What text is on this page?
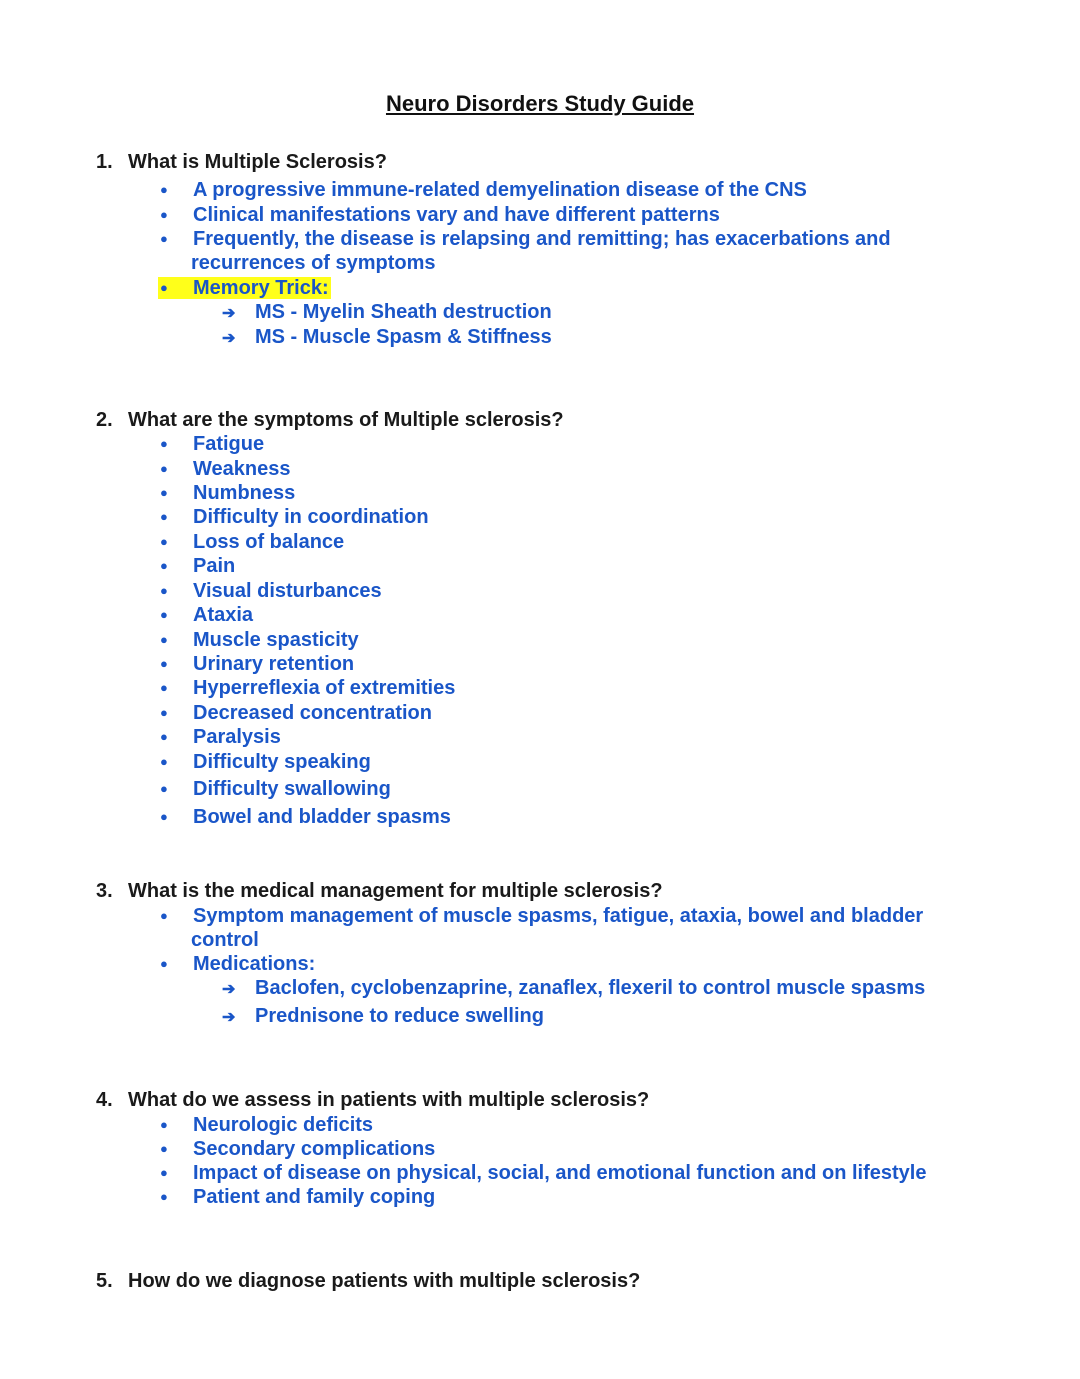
Neuro Disorders Study Guide
1. What is Multiple Sclerosis?
● A progressive immune-related demyelination disease of the CNS
● Clinical manifestations vary and have different patterns
● Frequently, the disease is relapsing and remitting; has exacerbations and
recurrences of symptoms
● Memory Trick:
➔ MS - Myelin Sheath destruction
➔ MS - Muscle Spasm & Stiffness
2. What are the symptoms of Multiple sclerosis?
● Fatigue
● Weakness
● Numbness
● Difficulty in coordination
● Loss of balance
● Pain
● Visual disturbances
● Ataxia
● Muscle spasticity
● Urinary retention
● Hyperreflexia of extremities
● Decreased concentration
● Paralysis
● Difficulty speaking
● Difficulty swallowing
● Bowel and bladder spasms
3. What is the medical management for multiple sclerosis?
● Symptom management of muscle spasms, fatigue, ataxia, bowel and bladder
control
● Medications:
➔ Baclofen, cyclobenzaprine, zanaflex, flexeril to control muscle spasms
➔ Prednisone to reduce swelling
4. What do we assess in patients with multiple sclerosis?
● Neurologic deficits
● Secondary complications
● Impact of disease on physical, social, and emotional function and on lifestyle
● Patient and family coping
5. How do we diagnose patients with multiple sclerosis?
